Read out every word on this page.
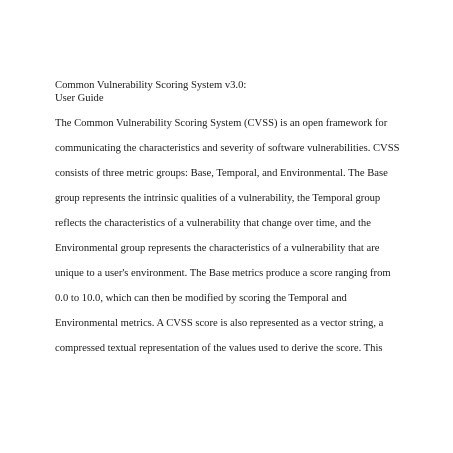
Common Vulnerability Scoring System v3.0:
User Guide

The Common Vulnerability Scoring System (CVSS) is an open framework for

communicating the characteristics and severity of software vulnerabilities. CVSS

consists of three metric groups: Base, Temporal, and Environmental. The Base

group represents the intrinsic qualities of a vulnerability, the Temporal group

reflects the characteristics of a vulnerability that change over time, and the

Environmental group represents the characteristics of a vulnerability that are

unique to a user's environment. The Base metrics produce a score ranging from

0.0 to 10.0, which can then be modified by scoring the Temporal and

Environmental metrics. A CVSS score is also represented as a vector string, a

compressed textual representation of the values used to derive the score. This
